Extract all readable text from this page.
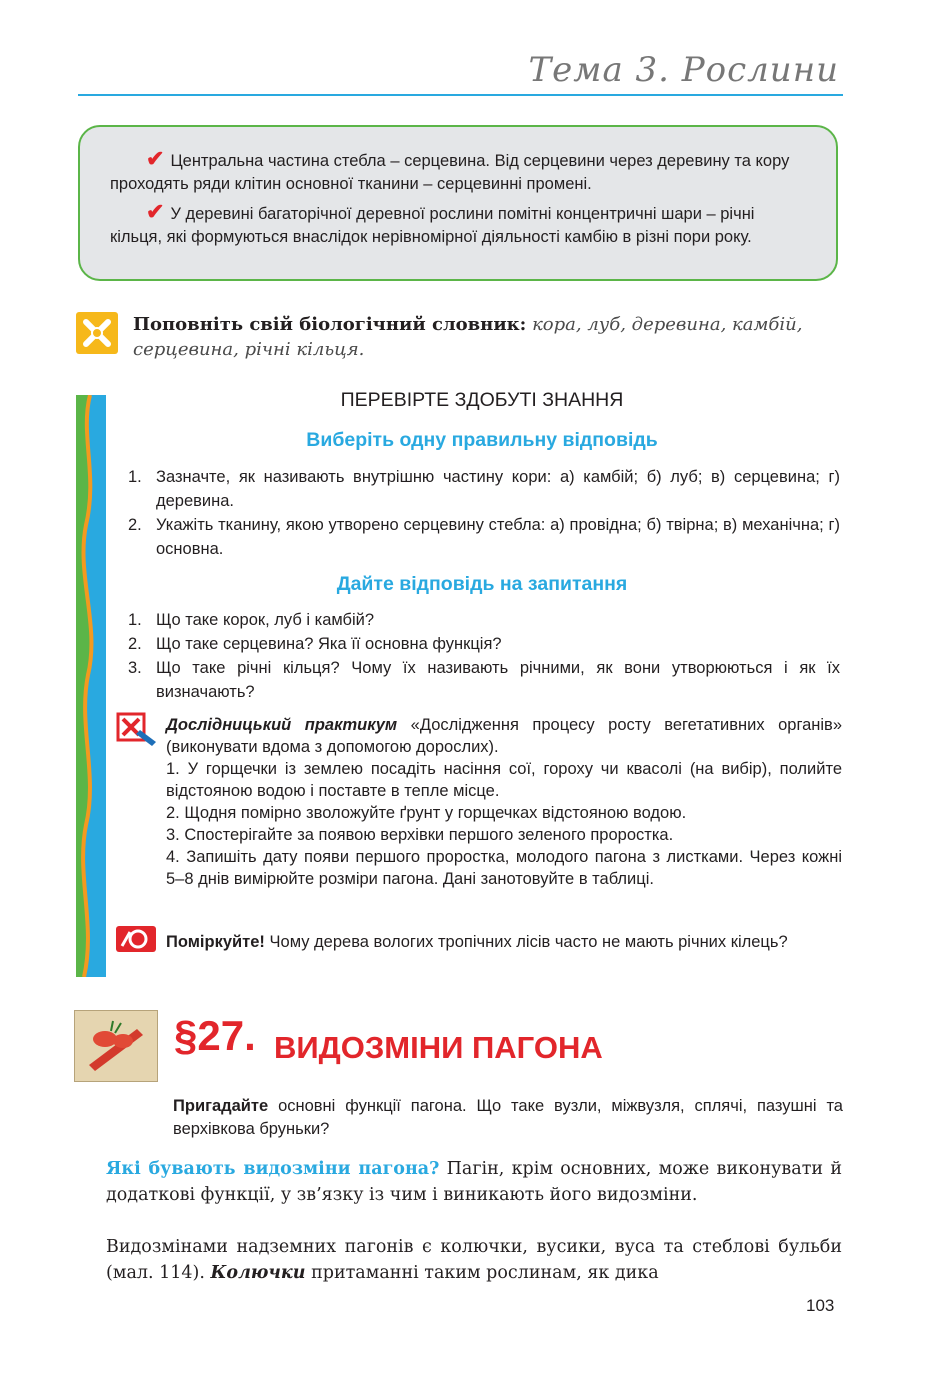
Тема 3. Рослини

✔ Центральна частина стебла – серцевина. Від серцевини через деревину та кору проходять ряди клітин основної тканини – серцевинні промені.

✔ У деревині багаторічної деревної рослини помітні концентричні шари – річні кільця, які формуються внаслідок нерівномірної діяльності камбію в різні пори року.

Поповніть свій біологічний словник: кора, луб, деревина, камбій, серцевина, річні кільця.
ПЕРЕВІРТЕ ЗДОБУТІ ЗНАННЯ
Виберіть одну правильну відповідь
1. Зазначте, як називають внутрішню частину кори: а) камбій; б) луб; в) серцевина; г) деревина.
2. Укажіть тканину, якою утворено серцевину стебла: а) провідна; б) твірна; в) механічна; г) основна.
Дайте відповідь на запитання
1. Що таке корок, луб і камбій?
2. Що таке серцевина? Яка її основна функція?
3. Що таке річні кільця? Чому їх називають річними, як вони утворюються і як їх визначають?

Дослідницький практикум «Дослідження процесу росту вегетативних органів» (виконувати вдома з допомогою дорослих).

1. У горщечки із землею посадіть насіння сої, гороху чи квасолі (на вибір), полийте відстояною водою і поставте в тепле місце.

2. Щодня помірно зволожуйте ґрунт у горщечках відстояною водою.

3. Спостерігайте за появою верхівки першого зеленого проростка.

4. Запишіть дату появи першого проростка, молодого пагона з листками. Через кожні 5–8 днів вимірюйте розміри пагона. Дані занотовуйте в таблиці.

Поміркуйте! Чому дерева вологих тропічних лісів часто не мають річних кілець?

§27. ВИДОЗМІНИ ПАГОНА
Пригадайте основні функції пагона. Що таке вузли, міжвузля, сплячі, пазушні та верхівкова бруньки?
Які бувають видозміни пагона? Пагін, крім основних, може виконувати й додаткові функції, у зв’язку із чим і виникають його видозміни.
Видозмінами надземних пагонів є колючки, вусики, вуса та стеблові бульби (мал. 114). Колючки притаманні таким рослинам, як дика
103
